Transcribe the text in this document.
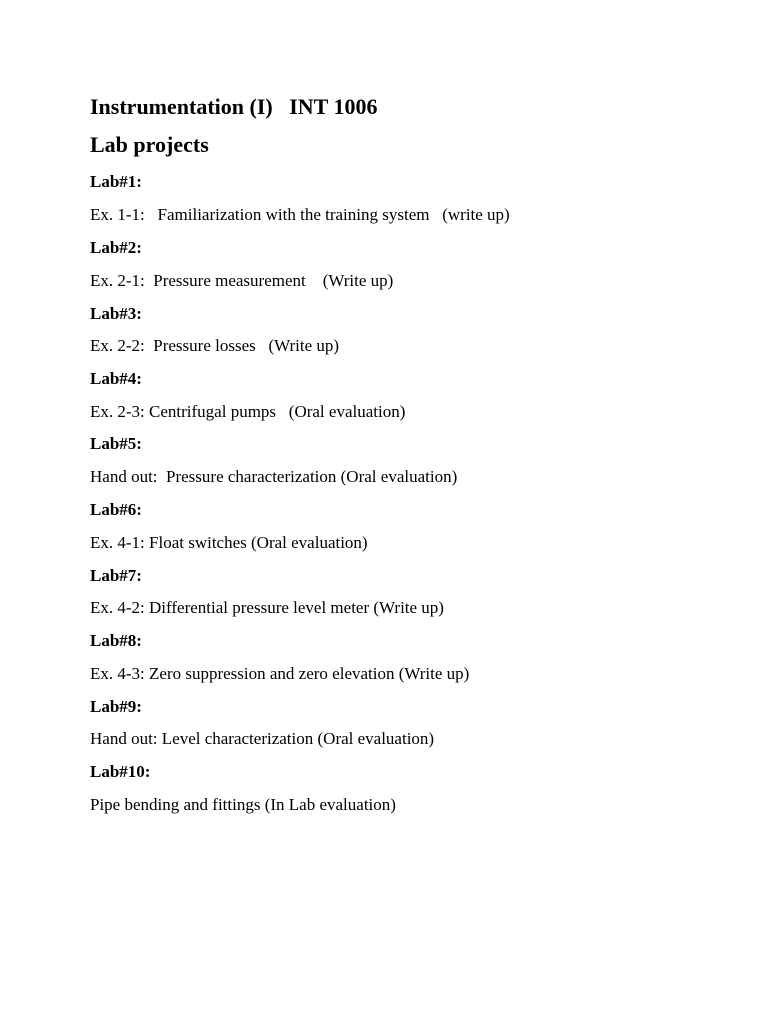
Instrumentation (I)   INT 1006
Lab projects
Lab#1:
Ex. 1-1:   Familiarization with the training system   (write up)
Lab#2:
Ex. 2-1:  Pressure measurement    (Write up)
Lab#3:
Ex. 2-2:  Pressure losses   (Write up)
Lab#4:
Ex. 2-3: Centrifugal pumps   (Oral evaluation)
Lab#5:
Hand out:  Pressure characterization (Oral evaluation)
Lab#6:
Ex. 4-1: Float switches (Oral evaluation)
Lab#7:
Ex. 4-2: Differential pressure level meter (Write up)
Lab#8:
Ex. 4-3: Zero suppression and zero elevation (Write up)
Lab#9:
Hand out: Level characterization (Oral evaluation)
Lab#10:
Pipe bending and fittings (In Lab evaluation)
